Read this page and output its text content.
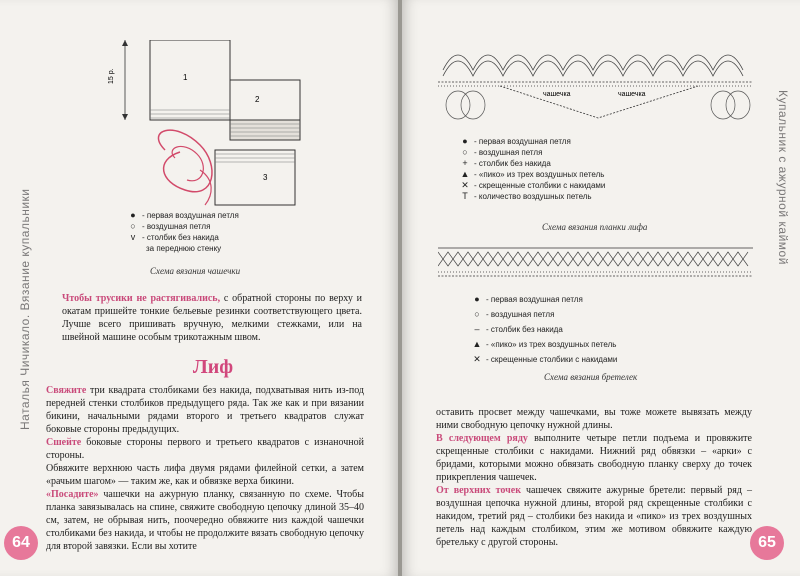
Наталья Чичикало. Вязание купальники
15 р.	1
2
3
● - первая воздушная петля
○ - воздушная петля
v - столбик без накида
за переднюю стенку
Схема вязания чашечки
Чтобы трусики не растягивались, с обратной стороны по верху и окатам пришейте тонкие бельевые резинки соответствующего цвета. Лучше всего пришивать вручную, мелкими стежками, или на швейной машине особым трикотажным швом.
Лиф

Свяжите три квадрата столбиками без накида, подхватывая нить из-под передней стенки столбиков предыдущего ряда. Так же как и при вязании бикини, начальными рядами второго и третьего квадратов служат боковые стороны предыдущих.

Сшейте боковые стороны первого и третьего квадратов с изнаночной стороны.

Обвяжите верхнюю часть лифа двумя рядами филейной сетки, а затем «рачьим шагом» — таким же, как и обвязке верха бикини.

«Посадите» чашечки на ажурную планку, связанную по схеме. Чтобы планка завязывалась на спине, свяжите свободную цепочку длиной 35–40 см, затем, не обрывая нить, поочередно обвяжите низ каждой чашечки столбиками без накида, и чтобы не продолжите вязать свободную цепочку для второй завязки. Если вы хотите

64
Купальник с ажурной каймой
чашечка	чашечка
● - первая воздушная петля
○ - воздушная петля
+ - столбик без накида
▲ - «пико» из трех воздушных петель
✕ - скрещенные столбики с накидами
Т - количество воздушных петель
Схема вязания планки лифа
● - первая воздушная петля
○ - воздушная петля
– - столбик без накида
▲ - «пико» из трех воздушных петель
✕ - скрещенные столбики с накидами
Схема вязания бретелек

оставить просвет между чашечками, вы тоже можете вывязать между ними свободную цепочку нужной длины.

В следующем ряду выполните четыре петли подъема и провяжите скрещенные столбики с накидами. Нижний ряд обвязки – «арки» с бридами, которыми можно обвязать свободную планку сверху до точек прикрепления чашечек.

От верхних точек чашечек свяжите ажурные бретели: первый ряд – воздушная цепочка нужной длины, второй ряд скрещенные столбики с накидом, третий ряд – столбики без накида и «пико» из трех воздушных петель над каждым столбиком, этим же мотивом обвяжите каждую бретельку с другой стороны.	65
